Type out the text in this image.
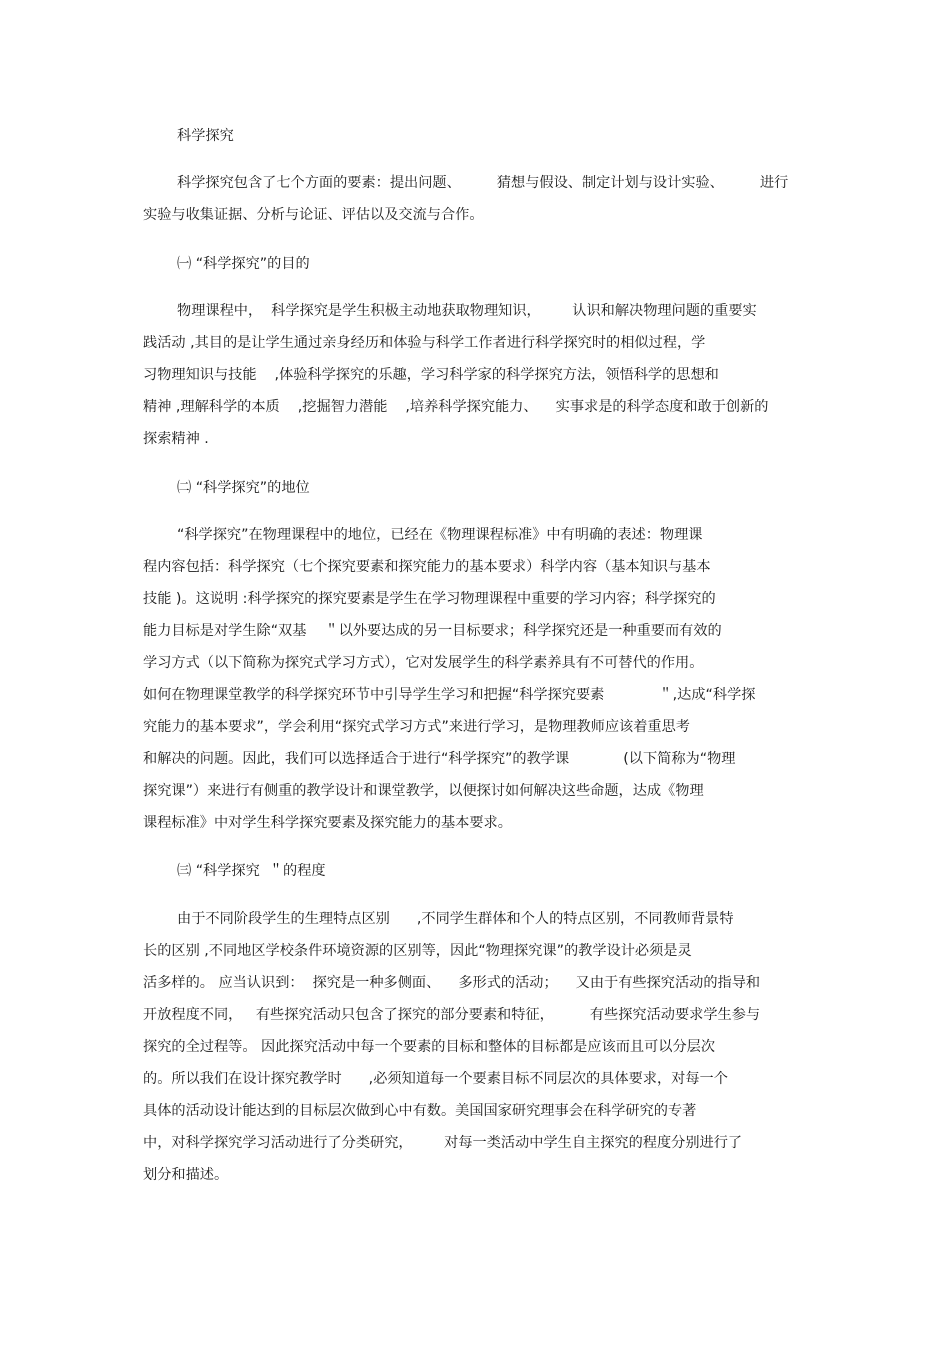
科学探究

科学探究包含了七个方面的要素：提出问题、        猜想与假设、制定计划与设计实验、        进行

实验与收集证据、分析与论证、评估以及交流与合作。

㈠ “科学探究”的目的

物理课程中，  科学探究是学生积极主动地获取物理知识，       认识和解决物理问题的重要实

践活动 ,其目的是让学生通过亲身经历和体验与科学工作者进行科学探究时的相似过程，学

习物理知识与技能    ,体验科学探究的乐趣，学习科学家的科学探究方法，领悟科学的思想和

精神 ,理解科学的本质    ,挖掘智力潜能    ,培养科学探究能力、    实事求是的科学态度和敢于创新的

探索精神 .

㈡ “科学探究”的地位

“科学探究”在物理课程中的地位，已经在《物理课程标准》中有明确的表述：物理课

程内容包括：科学探究（七个探究要素和探究能力的基本要求）科学内容（基本知识与基本

技能 )。这说明 :科学探究的探究要素是学生在学习物理课程中重要的学习内容；科学探究的

能力目标是对学生除“双基    ＂以外要达成的另一目标要求；科学探究还是一种重要而有效的

学习方式（以下简称为探究式学习方式），它对发展学生的科学素养具有不可替代的作用。

如何在物理课堂教学的科学探究环节中引导学生学习和把握“科学探究要素            ＂,达成“科学探

究能力的基本要求”，学会利用“探究式学习方式”来进行学习，是物理教师应该着重思考

和解决的问题。因此，我们可以选择适合于进行“科学探究”的教学课            (以下简称为“物理

探究课”）来进行有侧重的教学设计和课堂教学，以便探讨如何解决这些命题，达成《物理

课程标准》中对学生科学探究要素及探究能力的基本要求。

㈢ “科学探究  ＂的程度

由于不同阶段学生的生理特点区别      ,不同学生群体和个人的特点区别，不同教师背景特

长的区别 ,不同地区学校条件环境资源的区别等，因此“物理探究课”的教学设计必须是灵

活多样的。 应当认识到：  探究是一种多侧面、    多形式的活动；    又由于有些探究活动的指导和

开放程度不同，   有些探究活动只包含了探究的部分要素和特征，        有些探究活动要求学生参与

探究的全过程等。 因此探究活动中每一个要素的目标和整体的目标都是应该而且可以分层次

的。所以我们在设计探究教学时      ,必须知道每一个要素目标不同层次的具体要求，对每一个

具体的活动设计能达到的目标层次做到心中有数。美国国家研究理事会在科学研究的专著

中，对科学探究学习活动进行了分类研究，       对每一类活动中学生自主探究的程度分别进行了

划分和描述。
